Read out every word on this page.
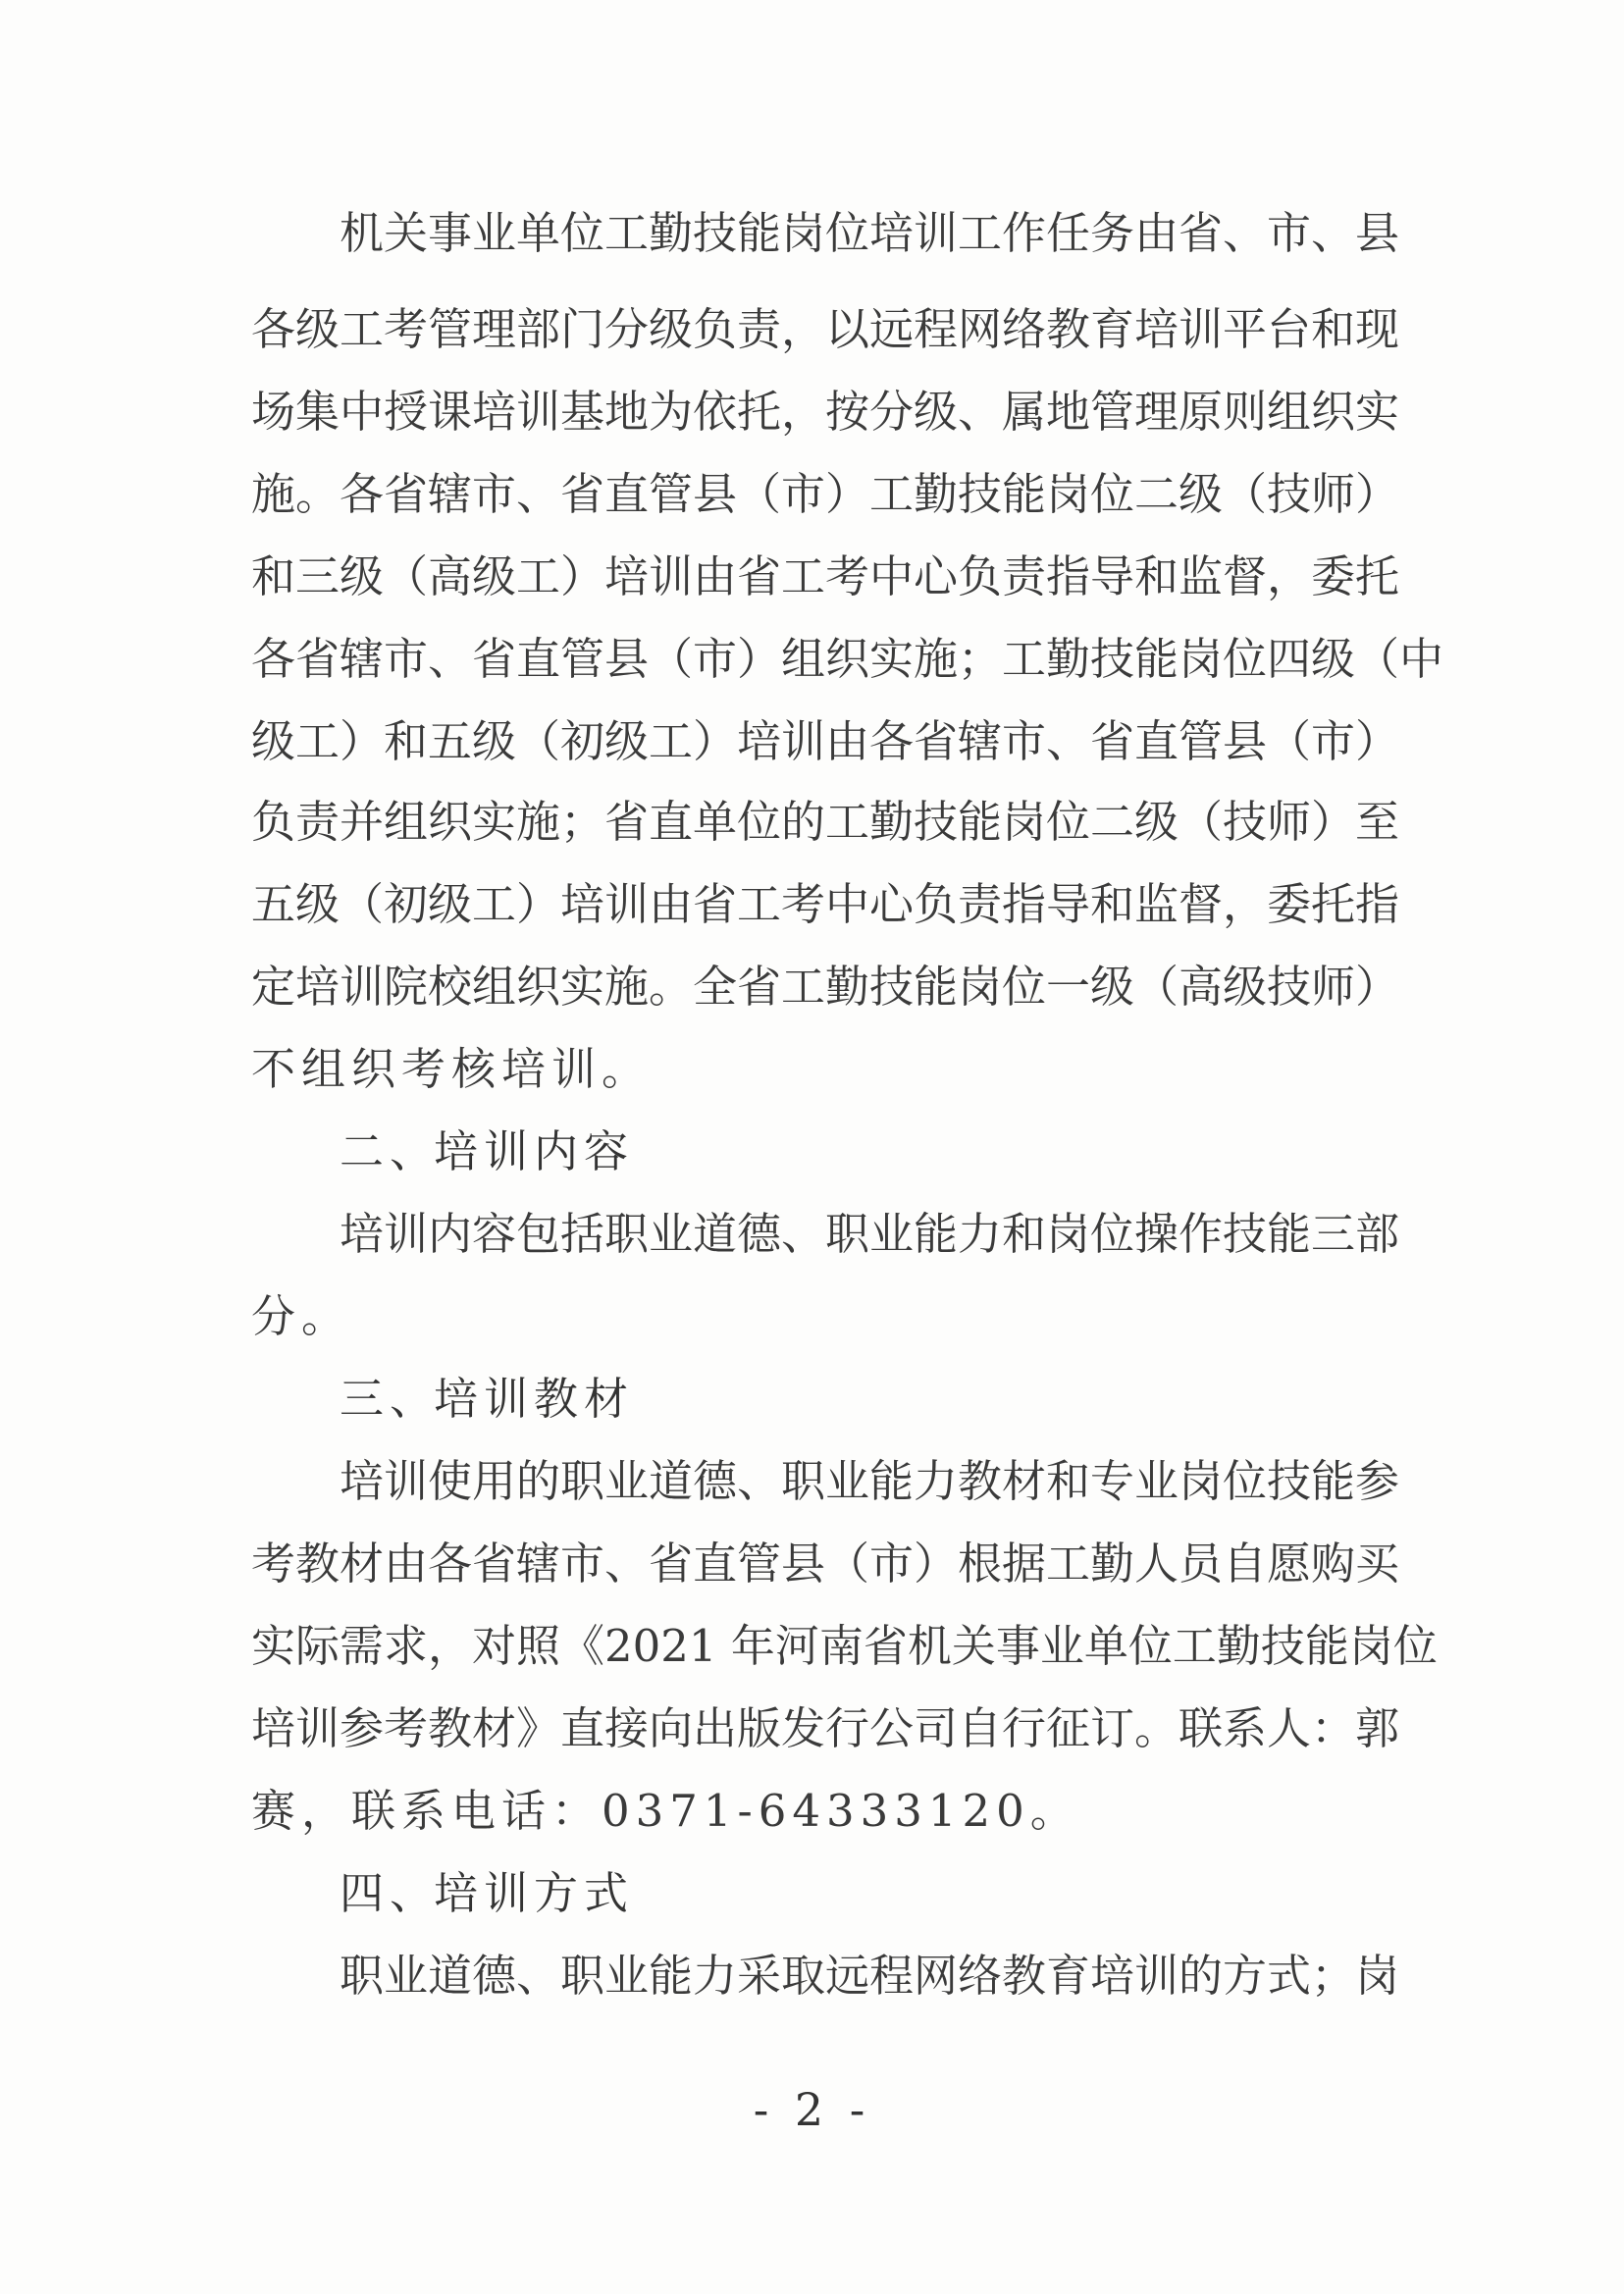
机关事业单位工勤技能岗位培训工作任务由省、市、县
各级工考管理部门分级负责，以远程网络教育培训平台和现
场集中授课培训基地为依托，按分级、属地管理原则组织实
施。各省辖市、省直管县（市）工勤技能岗位二级（技师）
和三级（高级工）培训由省工考中心负责指导和监督，委托
各省辖市、省直管县（市）组织实施；工勤技能岗位四级（中
级工）和五级（初级工）培训由各省辖市、省直管县（市）
负责并组织实施；省直单位的工勤技能岗位二级（技师）至
五级（初级工）培训由省工考中心负责指导和监督，委托指
定培训院校组织实施。全省工勤技能岗位一级（高级技师）
不组织考核培训。
二、培训内容
培训内容包括职业道德、职业能力和岗位操作技能三部
分。
三、培训教材
培训使用的职业道德、职业能力教材和专业岗位技能参
考教材由各省辖市、省直管县（市）根据工勤人员自愿购买
实际需求，对照《2021 年河南省机关事业单位工勤技能岗位
培训参考教材》直接向出版发行公司自行征订。联系人：郭
赛，联系电话：0371-64333120。
四、培训方式
职业道德、职业能力采取远程网络教育培训的方式；岗
- 2 -
